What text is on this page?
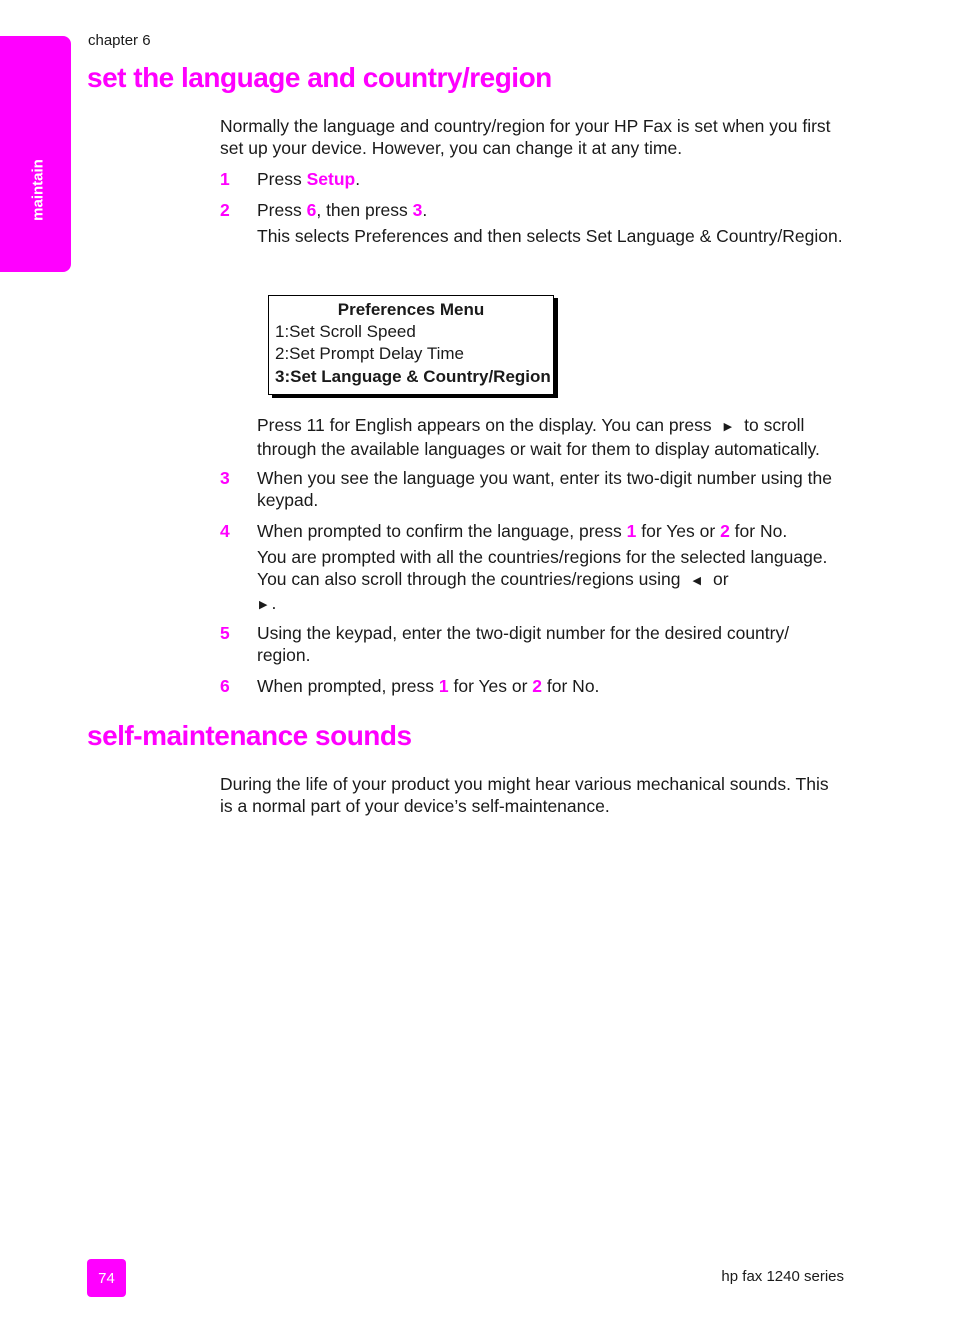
maintain
chapter 6
set the language and country/region

Normally the language and country/region for your HP Fax is set when you first set up your device. However, you can change it at any time.

1 Press Setup.
2 Press 6, then press 3.
This selects Preferences and then selects Set Language & Country/Region.
Preferences Menu
1:Set Scroll Speed
2:Set Prompt Delay Time
3:Set Language & Country/Region
Press 11 for English appears on the display. You can press ▶ to scroll through the available languages or wait for them to display automatically.
3 When you see the language you want, enter its two-digit number using the keypad.
4 When prompted to confirm the language, press 1 for Yes or 2 for No.
You are prompted with all the countries/regions for the selected language. You can also scroll through the countries/regions using ◀ or
▶ .
5 Using the keypad, enter the two-digit number for the desired country/ region.
6 When prompted, press 1 for Yes or 2 for No.
self-maintenance sounds

During the life of your product you might hear various mechanical sounds. This is a normal part of your device’s self-maintenance.

74	hp fax 1240 series
